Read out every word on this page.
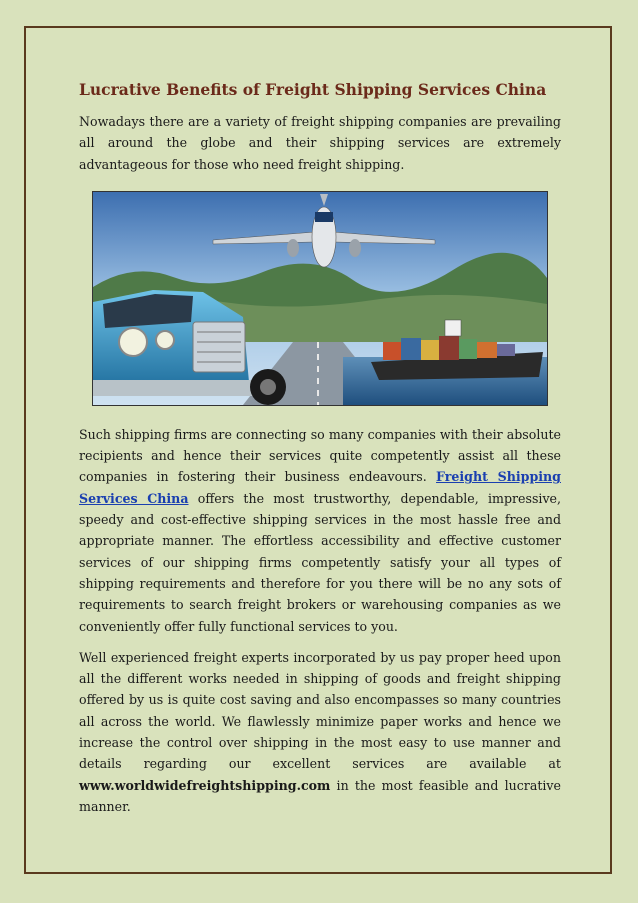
Lucrative Benefits of Freight Shipping Services China

Nowadays there are a variety of freight shipping companies are prevailing all around the globe and their shipping services are extremely advantageous for those who need freight shipping.

Such shipping firms are connecting so many companies with their absolute recipients and hence their services quite competently assist all these companies in fostering their business endeavours. Freight Shipping Services China offers the most trustworthy, dependable, impressive, speedy and cost-effective shipping services in the most hassle free and appropriate manner. The effortless accessibility and effective customer services of our shipping firms competently satisfy your all types of shipping requirements and therefore for you there will be no any sots of requirements to search freight brokers or warehousing companies as we conveniently offer fully functional services to you.

Well experienced freight experts incorporated by us pay proper heed upon all the different works needed in shipping of goods and freight shipping offered by us is quite cost saving and also encompasses so many countries all across the world. We flawlessly minimize paper works and hence we increase the control over shipping in the most easy to use manner and details regarding our excellent services are available at www.worldwidefreightshipping.com in the most feasible and lucrative manner.
